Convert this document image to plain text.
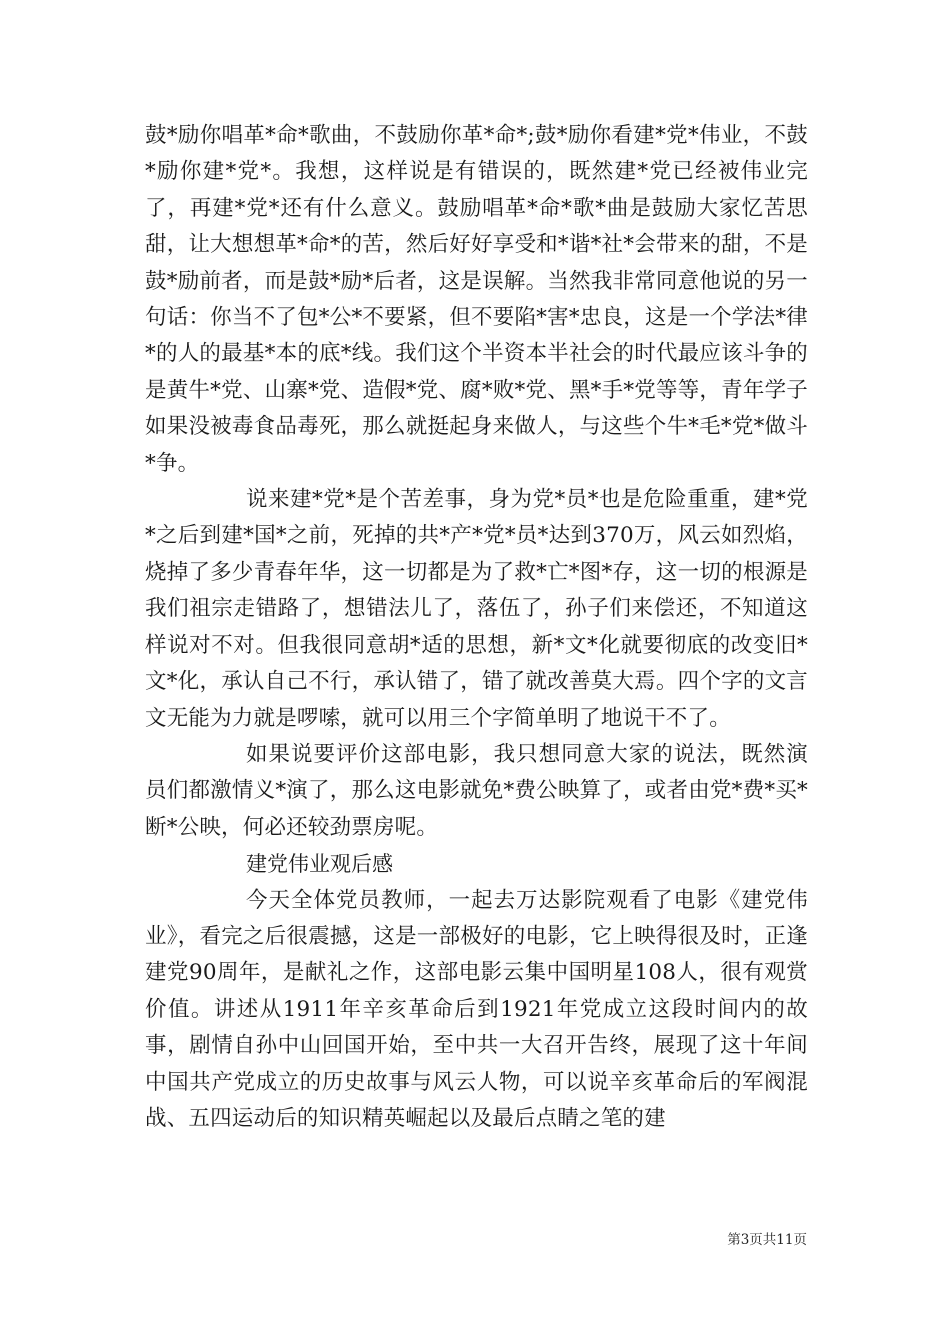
鼓*励你唱革*命*歌曲，不鼓励你革*命*;鼓*励你看建*党*伟业，不鼓*励你建*党*。我想，这样说是有错误的，既然建*党已经被伟业完了，再建*党*还有什么意义。鼓励唱革*命*歌*曲是鼓励大家忆苦思甜，让大想想革*命*的苦，然后好好享受和*谐*社*会带来的甜，不是鼓*励前者，而是鼓*励*后者，这是误解。当然我非常同意他说的另一句话：你当不了包*公*不要紧，但不要陷*害*忠良，这是一个学法*律*的人的最基*本的底*线。我们这个半资本半社会的时代最应该斗争的是黄牛*党、山寨*党、造假*党、腐*败*党、黑*手*党等等，青年学子如果没被毒食品毒死，那么就挺起身来做人，与这些个牛*毛*党*做斗*争。

说来建*党*是个苦差事，身为党*员*也是危险重重，建*党*之后到建*国*之前，死掉的共*产*党*员*达到370万，风云如烈焰，烧掉了多少青春年华，这一切都是为了救*亡*图*存，这一切的根源是我们祖宗走错路了，想错法儿了，落伍了，孙子们来偿还，不知道这样说对不对。但我很同意胡*适的思想，新*文*化就要彻底的改变旧*文*化，承认自己不行，承认错了，错了就改善莫大焉。四个字的文言文无能为力就是啰嗦，就可以用三个字简单明了地说干不了。

如果说要评价这部电影，我只想同意大家的说法，既然演员们都激情义*演了，那么这电影就免*费公映算了，或者由党*费*买*断*公映，何必还较劲票房呢。

建党伟业观后感

今天全体党员教师，一起去万达影院观看了电影《建党伟业》，看完之后很震撼，这是一部极好的电影，它上映得很及时，正逢建党90周年，是献礼之作，这部电影云集中国明星108人，很有观赏价值。讲述从1911年辛亥革命后到1921年党成立这段时间内的故事，剧情自孙中山回国开始，至中共一大召开告终，展现了这十年间中国共产党成立的历史故事与风云人物，可以说辛亥革命后的军阀混战、五四运动后的知识精英崛起以及最后点睛之笔的建

第3页共11页
